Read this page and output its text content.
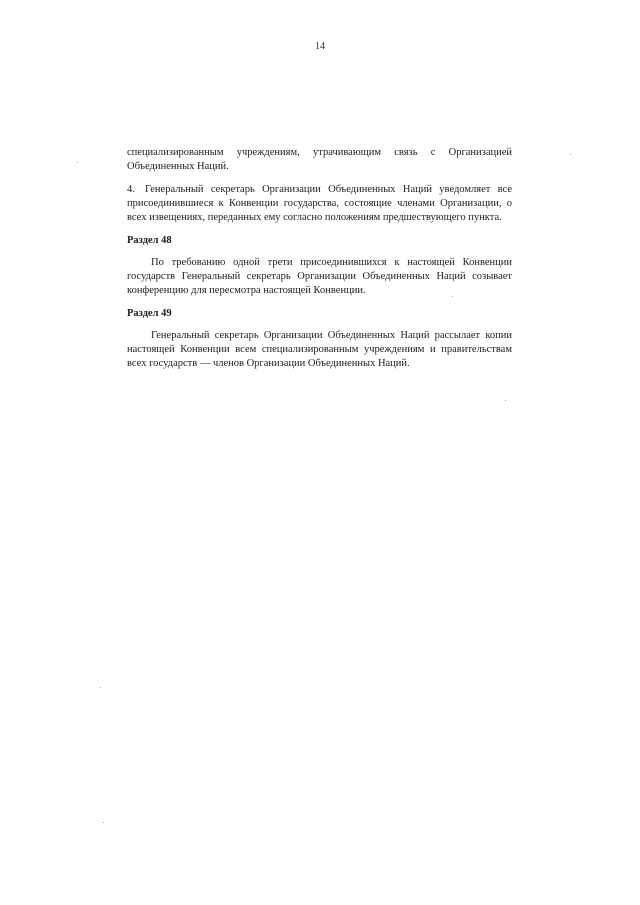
14

специализированным учреждениям, утрачивающим связь с Организацией Объединенных Наций.

4. Генеральный секретарь Организации Объединенных Наций уведомляет все присоединившиеся к Конвенции государства, состоящие членами Организации, о всех извещениях, переданных ему согласно положениям предшествующего пункта.

Раздел 48

По требованию одной трети присоединившихся к настоящей Конвенции государств Генеральный секретарь Организации Объединенных Наций созывает конференцию для пересмотра настоящей Конвенции.

Раздел 49

Генеральный секретарь Организации Объединенных Наций рассылает копии настоящей Конвенции всем специализированным учреждениям и правительствам всех государств — членов Организации Объединенных Наций.
